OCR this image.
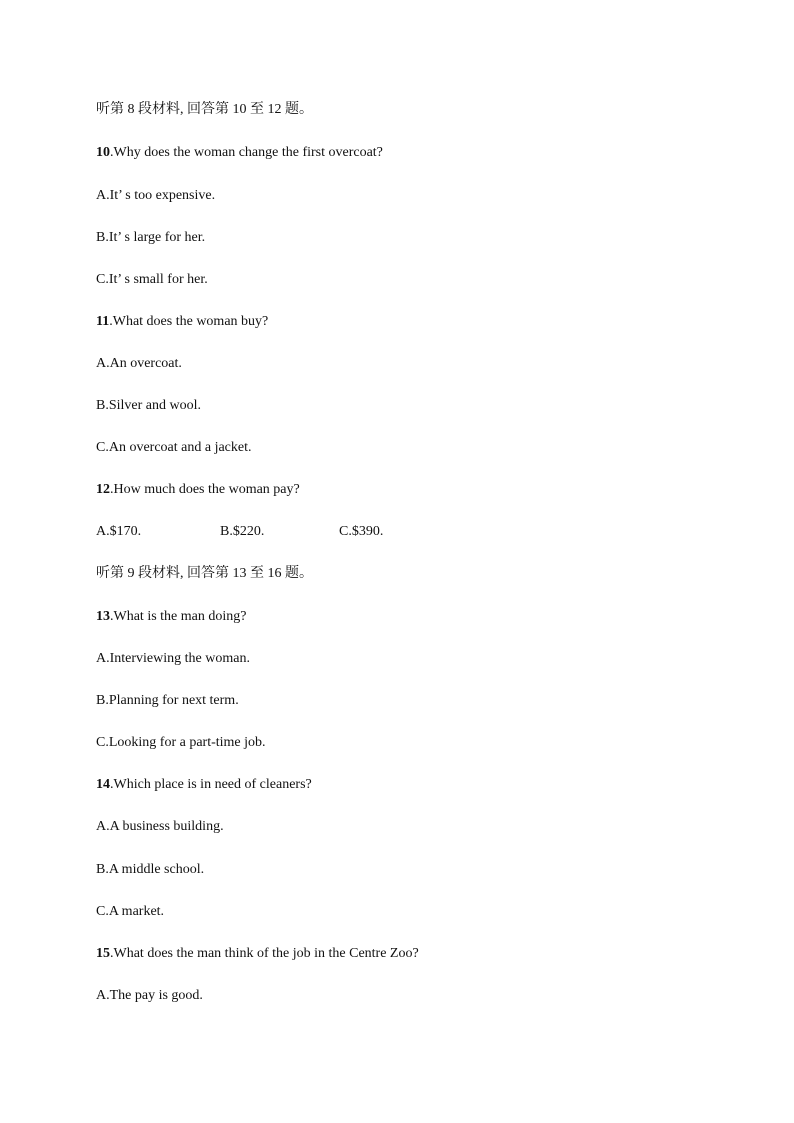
听第 8 段材料, 回答第 10 至 12 题。
10.Why does the woman change the first overcoat?
A.It’ s too expensive.
B.It’ s large for her.
C.It’ s small for her.
11.What does the woman buy?
A.An overcoat.
B.Silver and wool.
C.An overcoat and a jacket.
12.How much does the woman pay?
A.$170.	B.$220.	C.$390.
听第 9 段材料, 回答第 13 至 16 题。
13.What is the man doing?
A.Interviewing the woman.
B.Planning for next term.
C.Looking for a part-time job.
14.Which place is in need of cleaners?
A.A business building.
B.A middle school.
C.A market.
15.What does the man think of the job in the Centre Zoo?
A.The pay is good.
